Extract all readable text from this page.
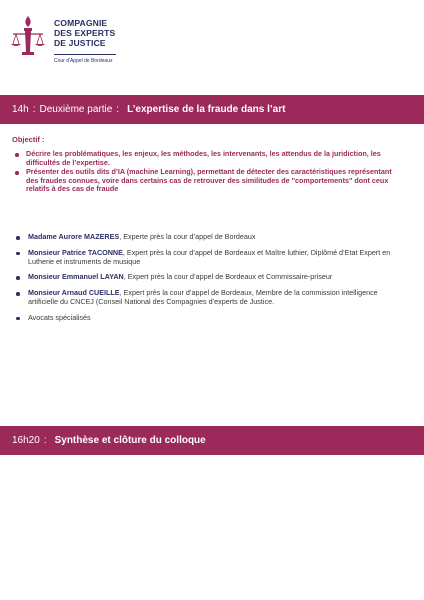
COMPAGNIE
DES EXPERTS
DE JUSTICE
Cour d'Appel de Bordeaux
14h : Deuxième partie : L’expertise de la fraude dans l’art
Objectif :
Décrire les problématiques, les enjeux, les méthodes, les intervenants, les attendus de la juridiction, les difficultés de l’expertise.
Présenter des outils dits d’IA (machine Learning), permettant de détecter des caractéristiques représentant des fraudes connues, voire dans certains cas de retrouver des similitudes de "comportements" dont ceux relatifs à des cas de fraude
Madame Aurore MAZERES, Experte près la cour d’appel de Bordeaux
Monsieur Patrice TACONNE, Expert près la cour d’appel de Bordeaux et Maître luthier, Diplômé d’Etat Expert en Lutherie et instruments de musique
Monsieur Emmanuel LAYAN, Expert près la cour d’appel de Bordeaux et Commissaire-priseur
Monsieur Arnaud CUEILLE, Expert près la cour d’appel de Bordeaux, Membre de la commission intelligence artificielle du CNCEJ (Conseil National des Compagnies d’experts de Justice.
Avocats spécialisés
16h20 : Synthèse et clôture du colloque
